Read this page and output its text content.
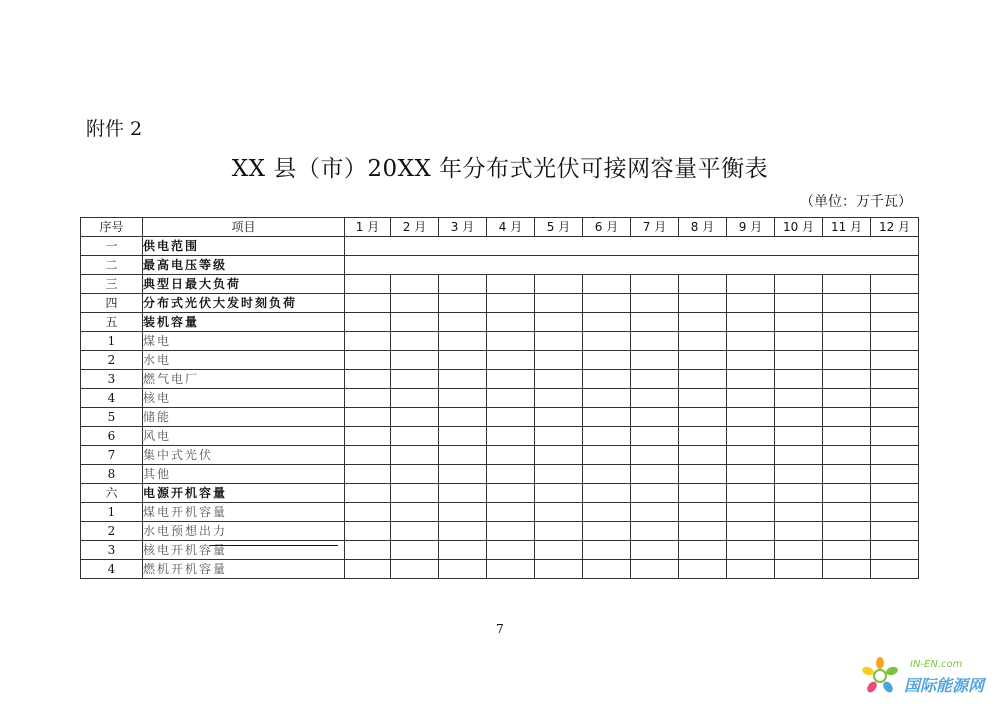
附件 2
XX 县（市）20XX 年分布式光伏可接网容量平衡表
（单位：万千瓦）
序号	项目	1 月	2 月	3 月	4 月	5 月	6 月	7 月	8 月	9 月	10 月	11 月	12 月
一	供电范围												
二	最高电压等级												
三	典型日最大负荷												
四	分布式光伏大发时刻负荷												
五	装机容量												
1	煤电												
2	水电												
3	燃气电厂												
4	核电												
5	储能												
6	风电												
7	集中式光伏												
8	其他												
六	电源开机容量												
1	煤电开机容量												
2	水电预想出力												
3	核电开机容量												
4	燃机开机容量												
7
IN-EN.com
国际能源网
